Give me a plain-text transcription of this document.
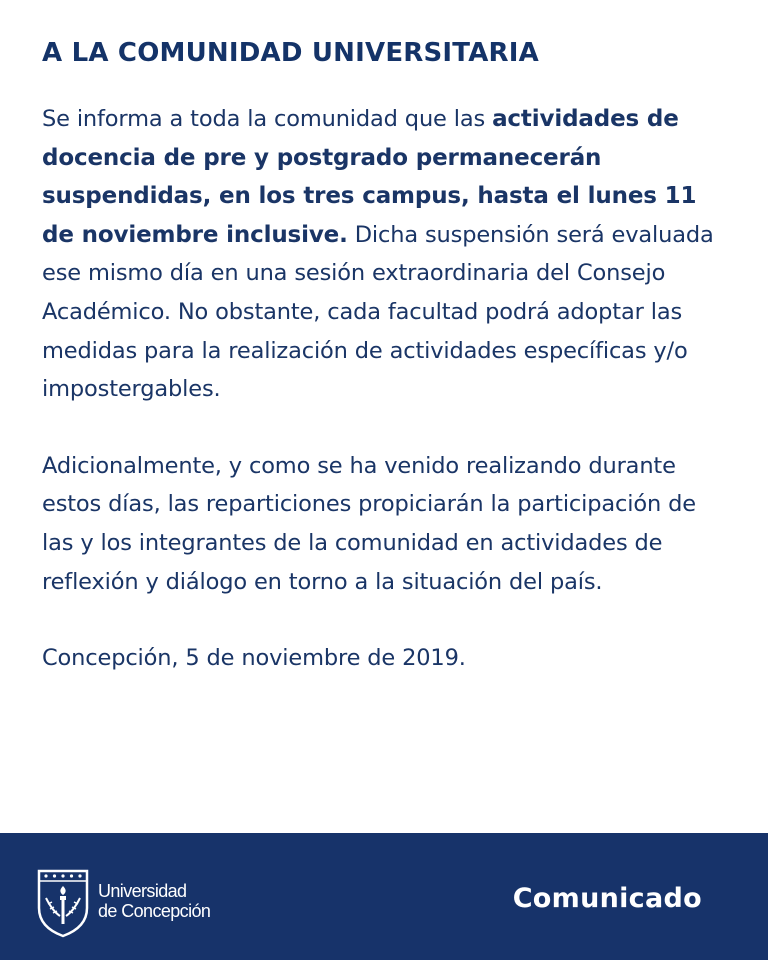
A LA COMUNIDAD UNIVERSITARIA

Se informa a toda la comunidad que las actividades de docencia de pre y postgrado permanecerán suspendidas, en los tres campus, hasta el lunes 11 de noviembre inclusive. Dicha suspensión será evaluada ese mismo día en una sesión extraordinaria del Consejo Académico. No obstante, cada facultad podrá adoptar las medidas para la realización de actividades específicas y/o impostergables.

Adicionalmente, y como se ha venido realizando durante estos días, las reparticiones propiciarán la participación de las y los integrantes de la comunidad en actividades de reflexión y diálogo en torno a la situación del país.

Concepción, 5 de noviembre de 2019.

Universidad
de Concepción	Comunicado
